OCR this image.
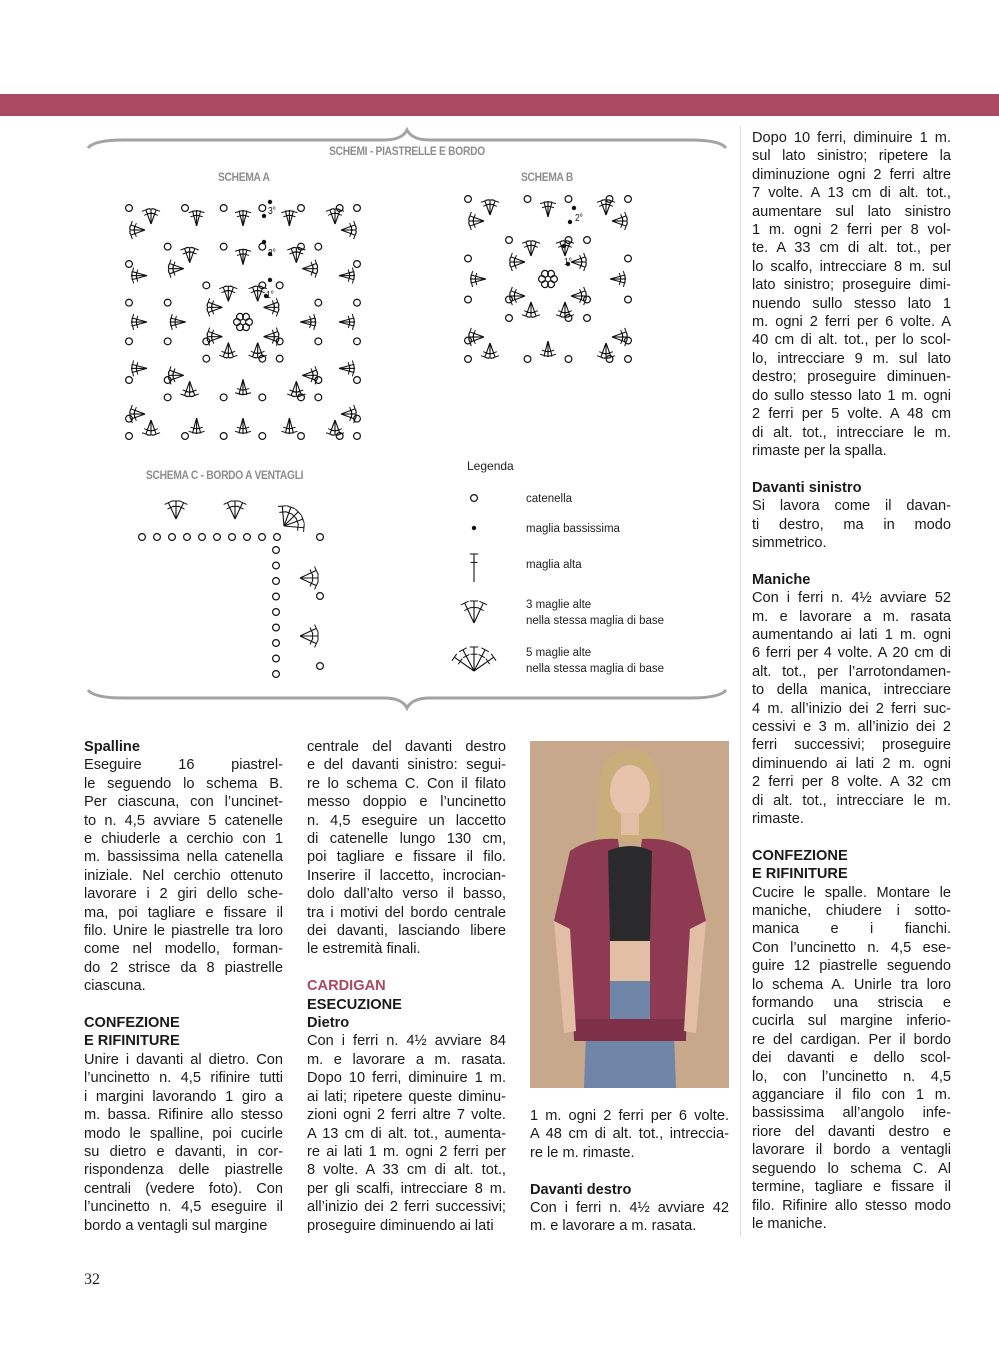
SCHEMI - PIASTRELLE E BORDO
SCHEMA A	SCHEMA B
SCHEMA C - BORDO A VENTAGLI
3°
2°
1°
2°
1°
Legenda
catenella
maglia bassissima
maglia alta
3 maglie alte
nella stessa maglia di base
5 maglie alte
nella stessa maglia di base

Spalline

Eseguire 16 piastrel-
le seguendo lo schema B.
Per ciascuna, con l’uncinet-
to n. 4,5 avviare 5 catenelle
e chiuderle a cerchio con 1
m. bassissima nella catenella
iniziale. Nel cerchio ottenuto
lavorare i 2 giri dello sche-
ma, poi tagliare e fissare il
filo. Unire le piastrelle tra loro
come nel modello, forman-
do 2 strisce da 8 piastrelle
ciascuna.
CONFEZIONE
E RIFINITURE
Unire i davanti al dietro. Con
l’uncinetto n. 4,5 rifinire tutti
i margini lavorando 1 giro a
m. bassa. Rifinire allo stesso
modo le spalline, poi cucirle
su dietro e davanti, in cor-
rispondenza delle piastrelle
centrali (vedere foto). Con
l’uncinetto n. 4,5 eseguire il
bordo a ventagli sul margine
centrale del davanti destro
e del davanti sinistro: segui-
re lo schema C. Con il filato
messo doppio e l’uncinetto
n. 4,5 eseguire un laccetto
di catenelle lungo 130 cm,
poi tagliare e fissare il filo.
Inserire il laccetto, incrocian-
dolo dall’alto verso il basso,
tra i motivi del bordo centrale
dei davanti, lasciando libere
le estremità finali.

CARDIGAN

ESECUZIONE

Dietro

Con i ferri n. 4½ avviare 84
m. e lavorare a m. rasata.
Dopo 10 ferri, diminuire 1 m.
ai lati; ripetere queste diminu-
zioni ogni 2 ferri altre 7 volte.
A 13 cm di alt. tot., aumenta-
re ai lati 1 m. ogni 2 ferri per
8 volte. A 33 cm di alt. tot.,
per gli scalfi, intrecciare 8 m.
all’inizio dei 2 ferri successivi;
proseguire diminuendo ai lati
1 m. ogni 2 ferri per 6 volte.
A 48 cm di alt. tot., intreccia-
re le m. rimaste.

Davanti destro

Con i ferri n. 4½ avviare 42
m. e lavorare a m. rasata.
Dopo 10 ferri, diminuire 1 m.
sul lato sinistro; ripetere la
diminuzione ogni 2 ferri altre
7 volte. A 13 cm di alt. tot.,
aumentare sul lato sinistro
1 m. ogni 2 ferri per 8 vol-
te. A 33 cm di alt. tot., per
lo scalfo, intrecciare 8 m. sul
lato sinistro; proseguire dimi-
nuendo sullo stesso lato 1
m. ogni 2 ferri per 6 volte. A
40 cm di alt. tot., per lo scol-
lo, intrecciare 9 m. sul lato
destro; proseguire diminuen-
do sullo stesso lato 1 m. ogni
2 ferri per 5 volte. A 48 cm
di alt. tot., intrecciare le m.
rimaste per la spalla.

Davanti sinistro

Si lavora come il davan-
ti destro, ma in modo
simmetrico.

Maniche

Con i ferri n. 4½ avviare 52
m. e lavorare a m. rasata
aumentando ai lati 1 m. ogni
6 ferri per 4 volte. A 20 cm di
alt. tot., per l’arrotondamen-
to della manica, intrecciare
4 m. all’inizio dei 2 ferri suc-
cessivi e 3 m. all’inizio dei 2
ferri successivi; proseguire
diminuendo ai lati 2 m. ogni
2 ferri per 8 volte. A 32 cm
di alt. tot., intrecciare le m.
rimaste.
CONFEZIONE
E RIFINITURE
Cucire le spalle. Montare le
maniche, chiudere i sotto-
manica e i fianchi.
Con l’uncinetto n. 4,5 ese-
guire 12 piastrelle seguendo
lo schema A. Unirle tra loro
formando una striscia e
cucirla sul margine inferio-
re del cardigan. Per il bordo
dei davanti e dello scol-
lo, con l’uncinetto n. 4,5
agganciare il filo con 1 m.
bassissima all’angolo infe-
riore del davanti destro e
lavorare il bordo a ventagli
seguendo lo schema C. Al
termine, tagliare e fissare il
filo. Rifinire allo stesso modo
le maniche.
32
